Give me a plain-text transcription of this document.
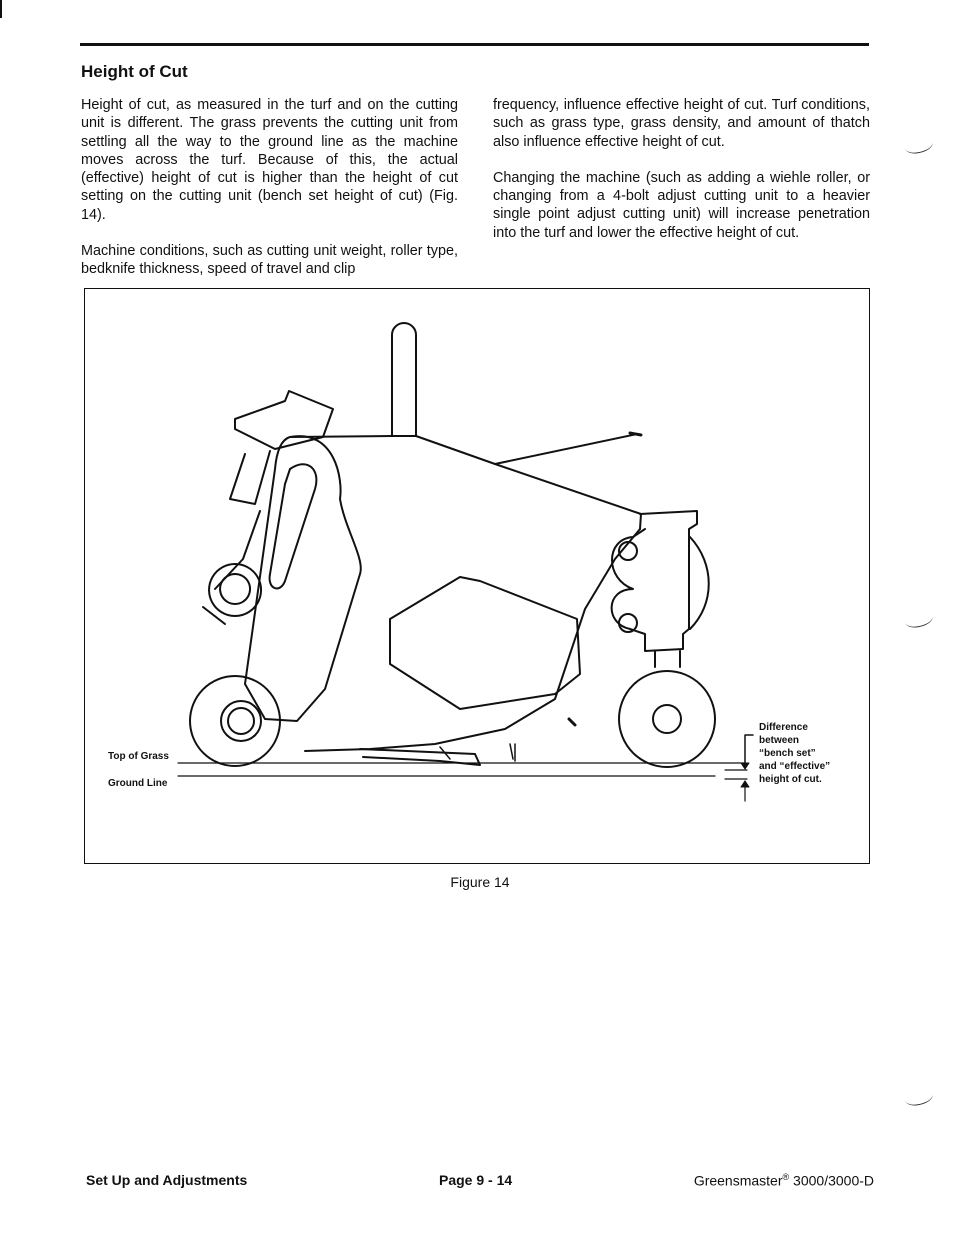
Height of Cut

Height of cut, as measured in the turf and on the cutting unit is different. The grass prevents the cutting unit from settling all the way to the ground line as the machine moves across the turf. Because of this, the actual (effective) height of cut is higher than the height of cut setting on the cutting unit (bench set height of cut) (Fig. 14).

Machine conditions, such as cutting unit weight, roller type, bedknife thickness, speed of travel and clip

frequency, influence effective height of cut. Turf conditions, such as grass type, grass density, and amount of thatch also influence effective height of cut.

Changing the machine (such as adding a wiehle roller, or changing from a 4-bolt adjust cutting unit to a heavier single point adjust cutting unit) will increase penetration into the turf and lower the effective height of cut.

Top of Grass
Ground Line
Difference
between
“bench set”
and “effective”
height of cut.
Figure 14
Set Up and Adjustments	Page 9 - 14	Greensmaster® 3000/3000-D
